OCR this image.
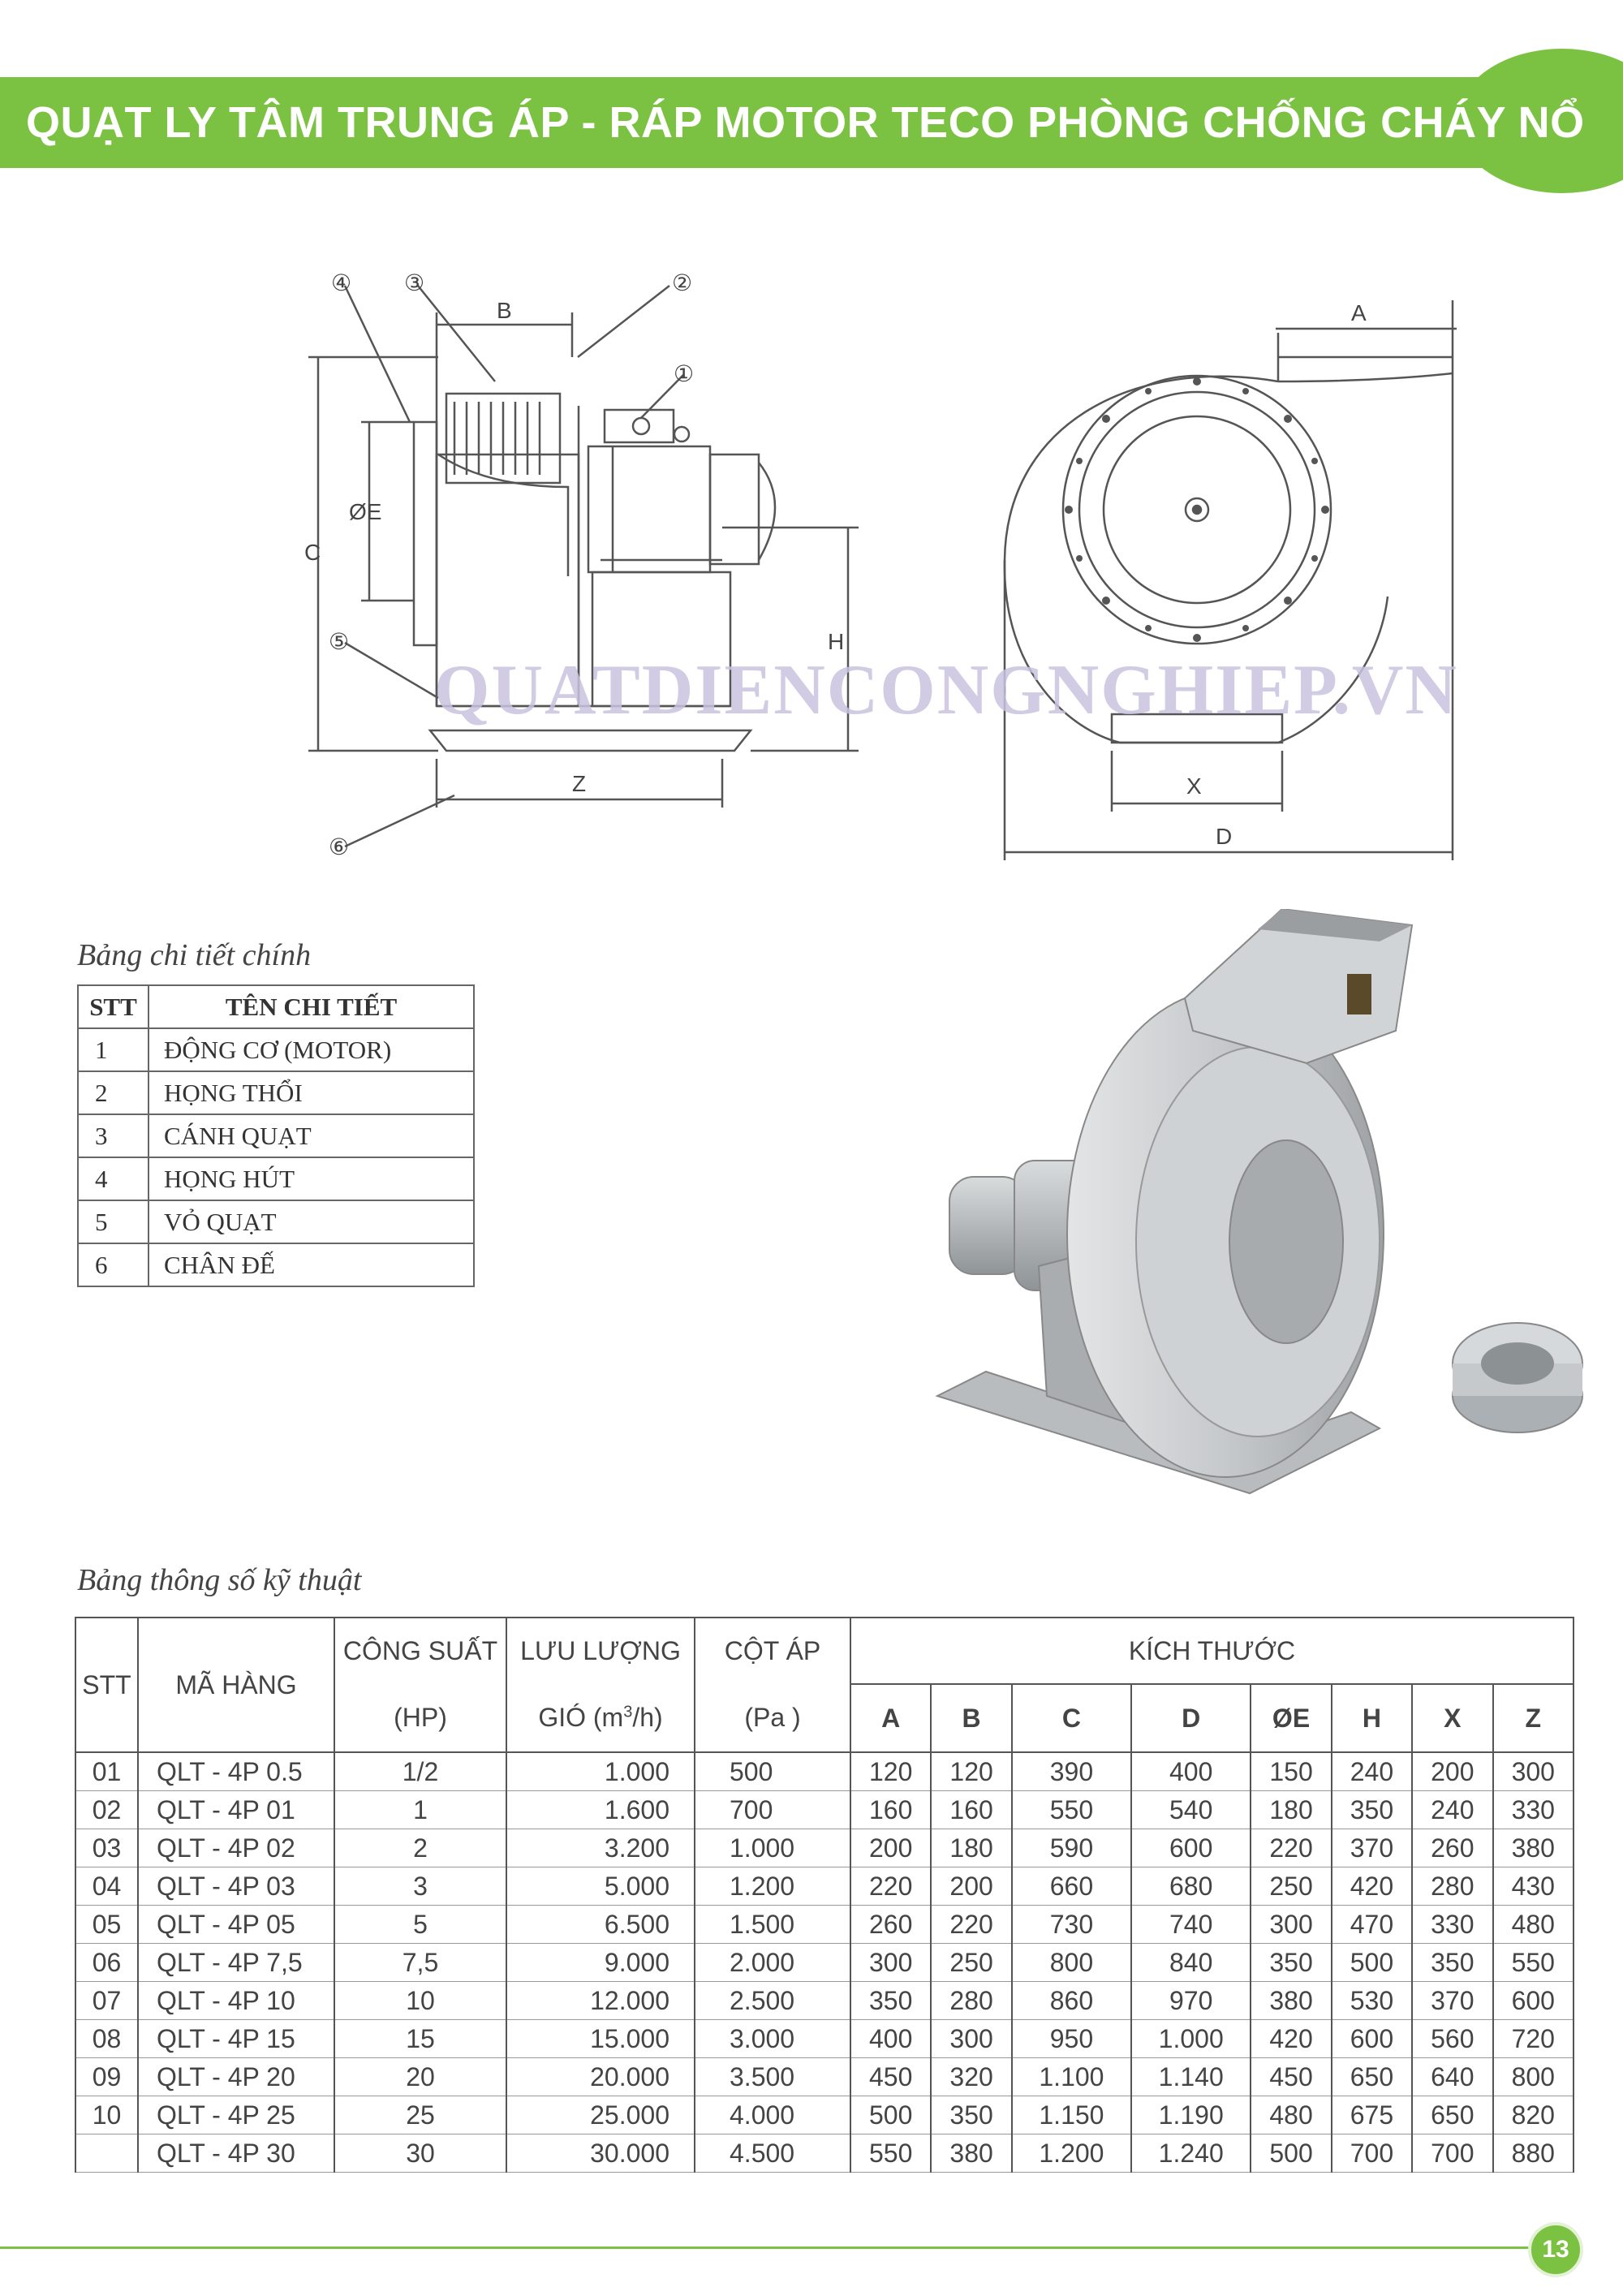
QUẠT LY TÂM TRUNG ÁP - RÁP MOTOR TECO PHÒNG CHỐNG CHÁY NỔ
④ ③	②
①
⑤
⑥
B
C
ØE
H
Z
A
X
D
QUATDIENCONGNGHIEP.VN
Bảng chi tiết chính
STT	TÊN CHI TIẾT
1	ĐỘNG CƠ (MOTOR)
2	HỌNG THỔI
3	CÁNH QUẠT
4	HỌNG HÚT
5	VỎ QUẠT
6	CHÂN ĐẾ
Bảng thông số kỹ thuật
STT	MÃ HÀNG	CÔNG SUẤT	LƯU LƯỢNG	CỘT ÁP	KÍCH THƯỚC							
		(HP)	GIÓ $(m^3/h)$	(Pa )	A	B	C	D	ØE	H	X	Z
01	QLT - 4P 0.5	1/2	1.000	500	120	120	390	400	150	240	200	300
02	QLT - 4P 01	1	1.600	700	160	160	550	540	180	350	240	330
03	QLT - 4P 02	2	3.200	1.000	200	180	590	600	220	370	260	380
04	QLT - 4P 03	3	5.000	1.200	220	200	660	680	250	420	280	430
05	QLT - 4P 05	5	6.500	1.500	260	220	730	740	300	470	330	480
06	QLT - 4P 7,5	7,5	9.000	2.000	300	250	800	840	350	500	350	550
07	QLT - 4P 10	10	12.000	2.500	350	280	860	970	380	530	370	600
08	QLT - 4P 15	15	15.000	3.000	400	300	950	1.000	420	600	560	720
09	QLT - 4P 20	20	20.000	3.500	450	320	1.100	1.140	450	650	640	800
10	QLT - 4P 25	25	25.000	4.000	500	350	1.150	1.190	480	675	650	820
	QLT - 4P 30	30	30.000	4.500	550	380	1.200	1.240	500	700	700	880
13
